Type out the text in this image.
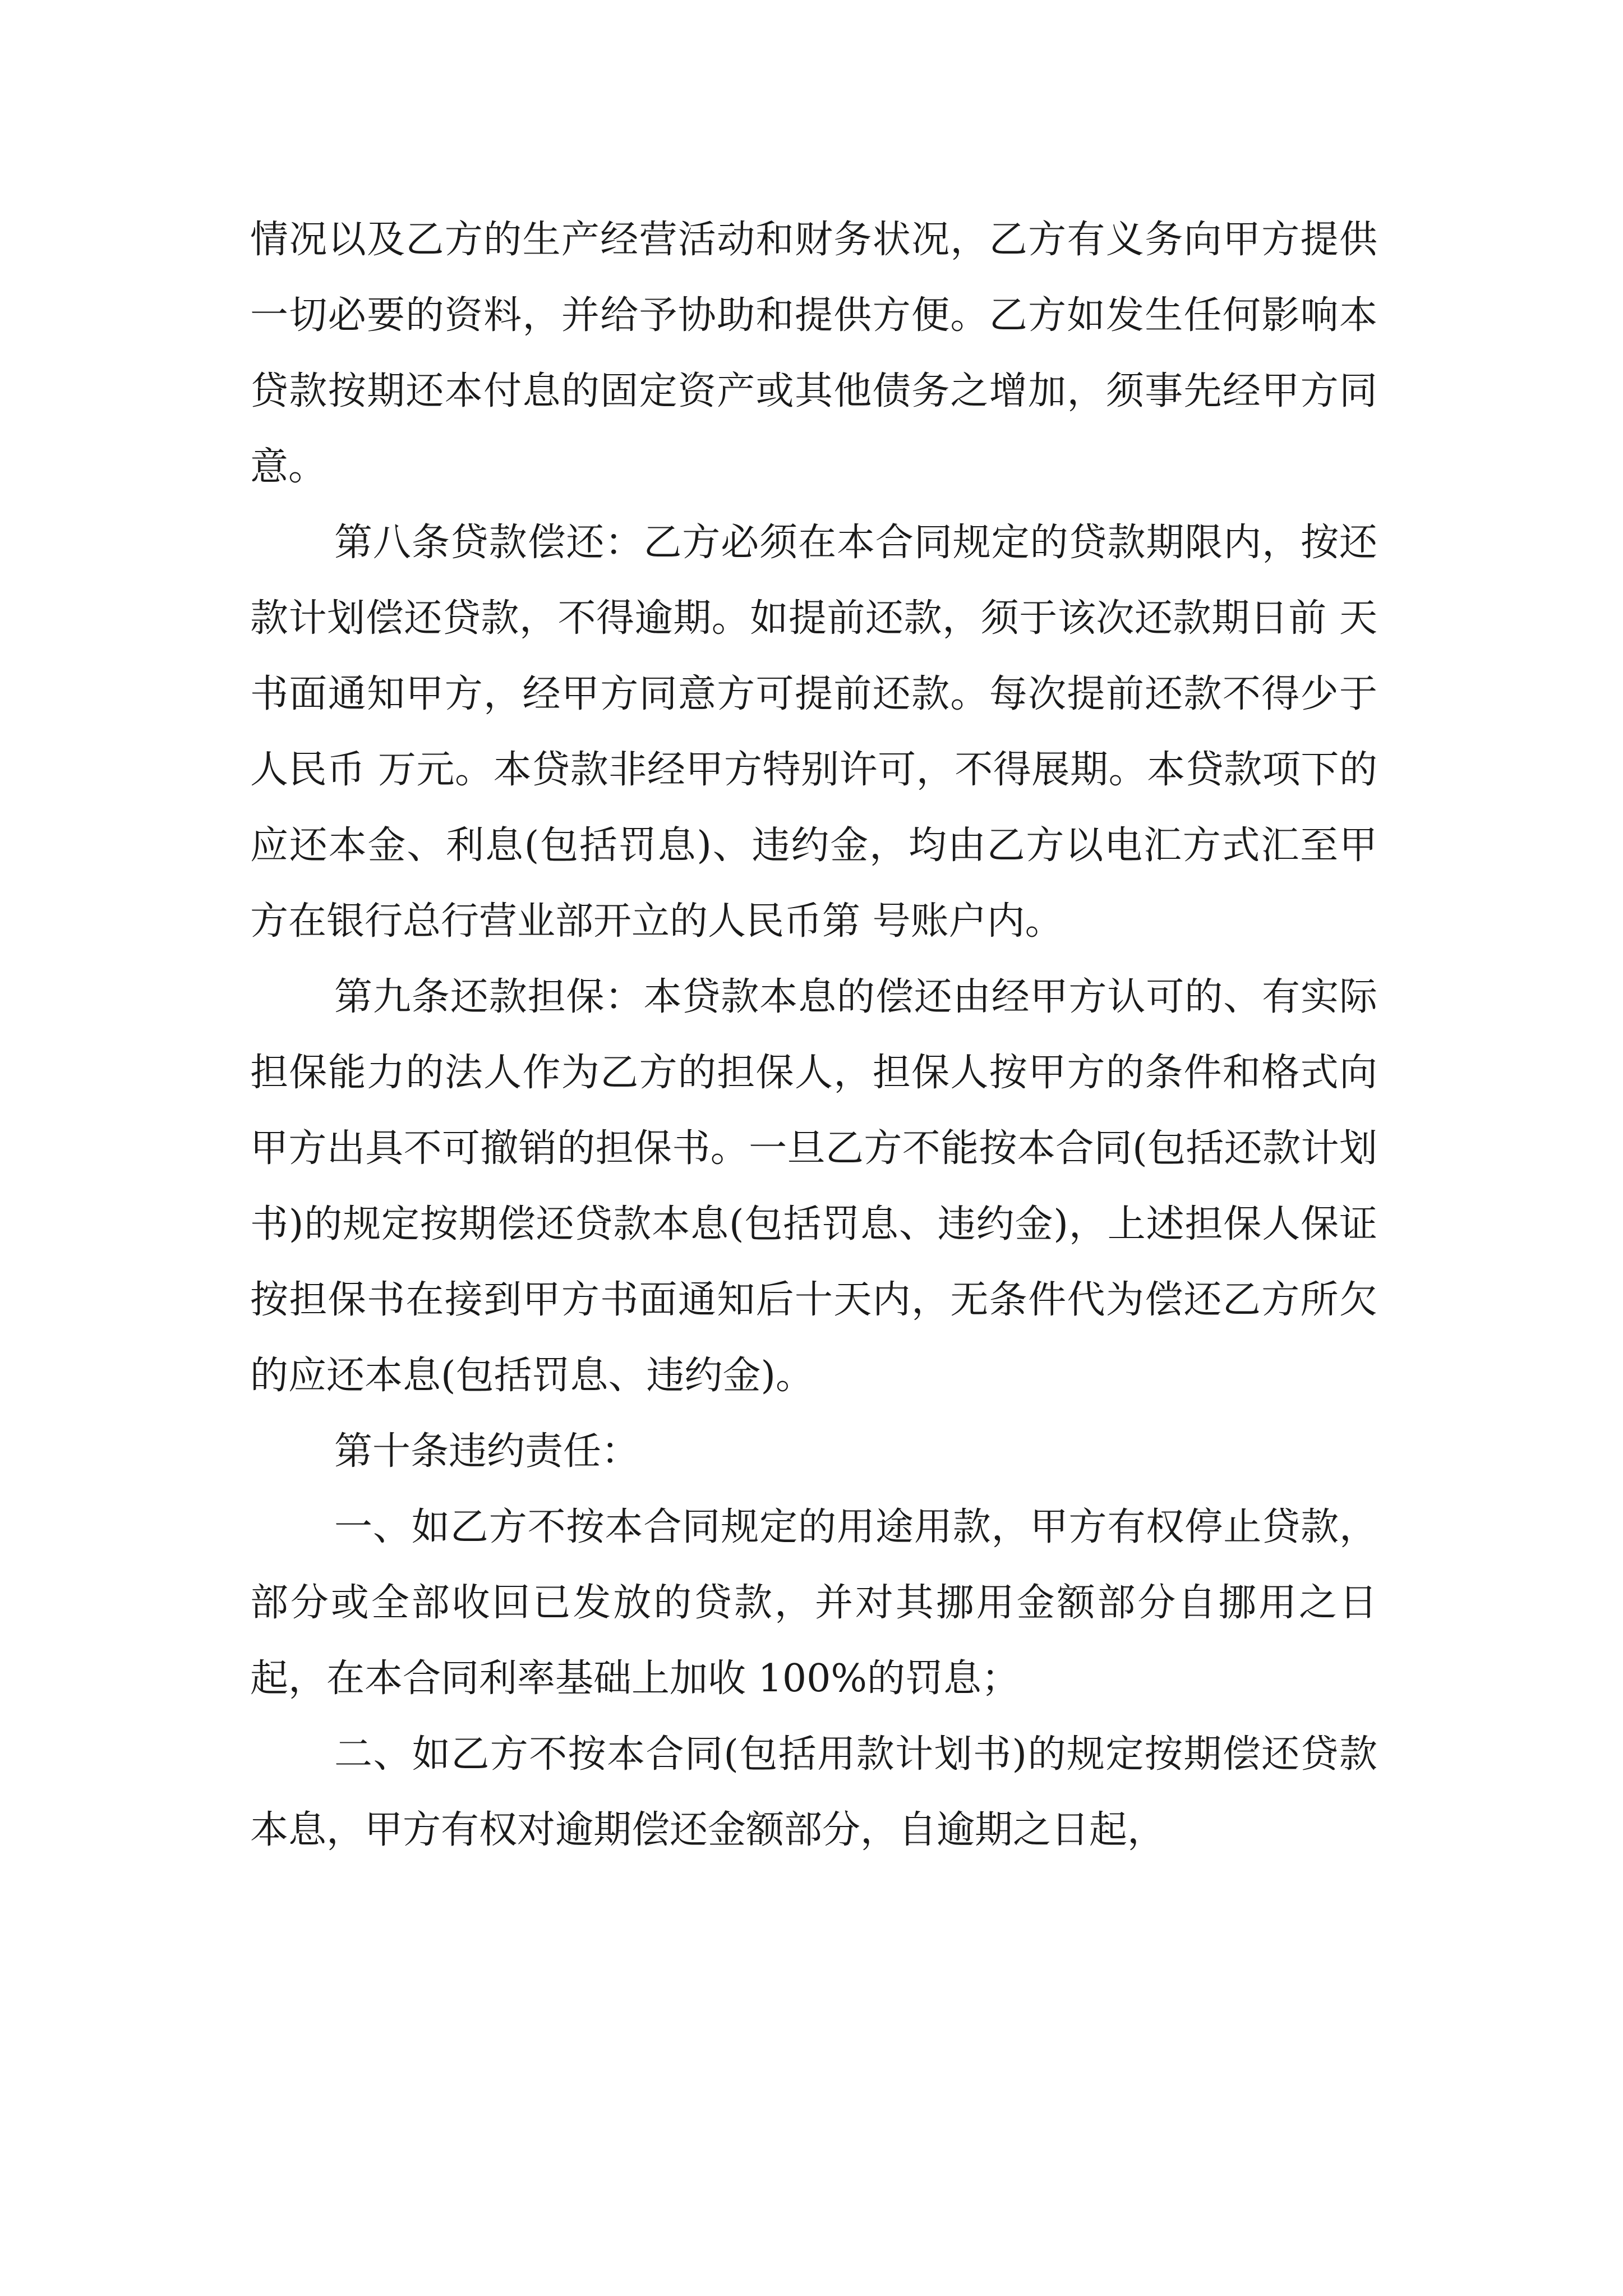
情况以及乙方的生产经营活动和财务状况，乙方有义务向甲方提供一切必要的资料，并给予协助和提供方便。乙方如发生任何影响本贷款按期还本付息的固定资产或其他债务之增加，须事先经甲方同意。

第八条贷款偿还：乙方必须在本合同规定的贷款期限内，按还款计划偿还贷款，不得逾期。如提前还款，须于该次还款期日前 天书面通知甲方，经甲方同意方可提前还款。每次提前还款不得少于人民币 万元。本贷款非经甲方特别许可，不得展期。本贷款项下的应还本金、利息(包括罚息)、违约金，均由乙方以电汇方式汇至甲方在银行总行营业部开立的人民币第 号账户内。

第九条还款担保：本贷款本息的偿还由经甲方认可的、有实际担保能力的法人作为乙方的担保人，担保人按甲方的条件和格式向甲方出具不可撤销的担保书。一旦乙方不能按本合同(包括还款计划书)的规定按期偿还贷款本息(包括罚息、违约金)，上述担保人保证按担保书在接到甲方书面通知后十天内，无条件代为偿还乙方所欠的应还本息(包括罚息、违约金)。

第十条违约责任：

一、如乙方不按本合同规定的用途用款，甲方有权停止贷款，部分或全部收回已发放的贷款，并对其挪用金额部分自挪用之日起，在本合同利率基础上加收 100%的罚息；

二、如乙方不按本合同(包括用款计划书)的规定按期偿还贷款本息，甲方有权对逾期偿还金额部分，自逾期之日起，
